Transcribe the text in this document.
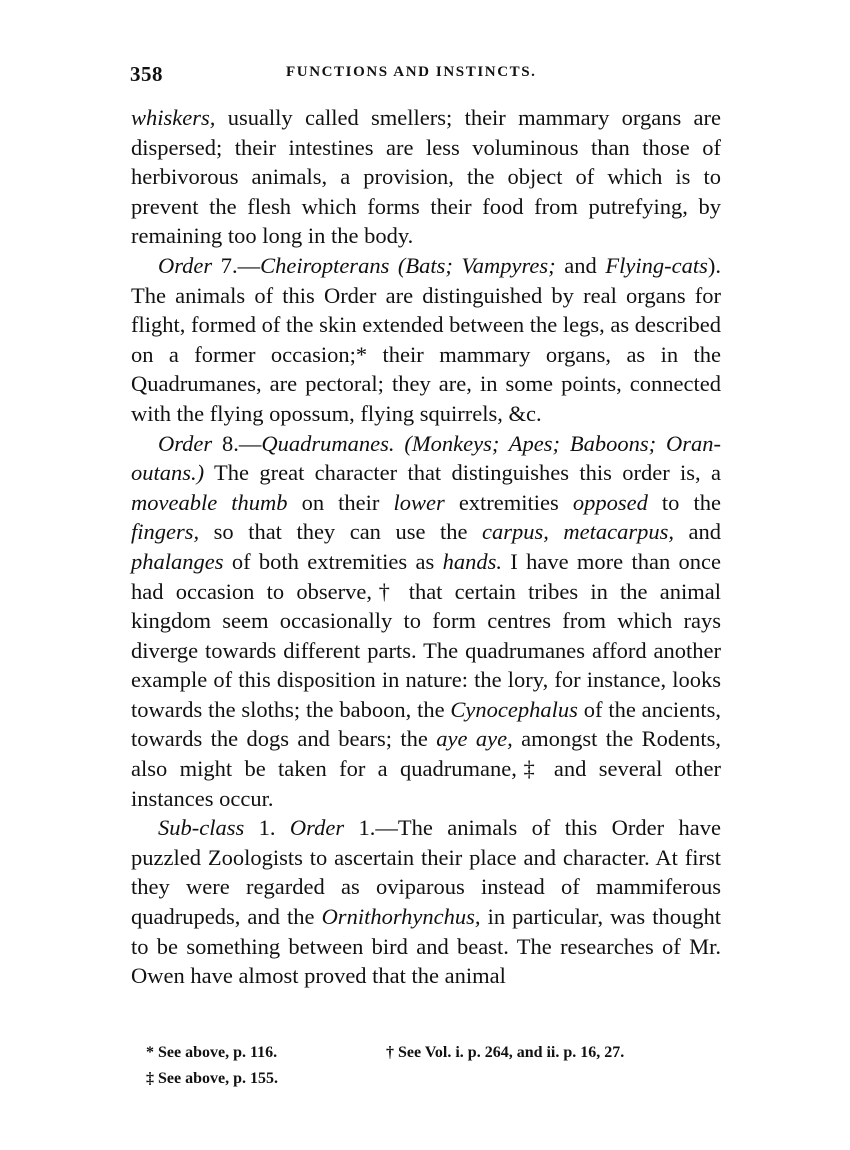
358	FUNCTIONS AND INSTINCTS.

whiskers, usually called smellers; their mammary organs are dispersed; their intestines are less voluminous than those of herbivorous animals, a provision, the object of which is to prevent the flesh which forms their food from putrefying, by remaining too long in the body.

Order 7.—Cheiropterans (Bats; Vampyres; and Flying-cats). The animals of this Order are distinguished by real organs for flight, formed of the skin extended between the legs, as described on a former occasion;* their mammary organs, as in the Quadrumanes, are pectoral; they are, in some points, connected with the flying opossum, flying squirrels, &c.

Order 8.—Quadrumanes. (Monkeys; Apes; Baboons; Oran-outans.) The great character that distinguishes this order is, a moveable thumb on their lower extremities opposed to the fingers, so that they can use the carpus, metacarpus, and phalanges of both extremities as hands. I have more than once had occasion to observe,† that certain tribes in the animal kingdom seem occasionally to form centres from which rays diverge towards different parts. The quadrumanes afford another example of this disposition in nature: the lory, for instance, looks towards the sloths; the baboon, the Cynocephalus of the ancients, towards the dogs and bears; the aye aye, amongst the Rodents, also might be taken for a quadrumane,‡ and several other instances occur.

Sub-class 1. Order 1.—The animals of this Order have puzzled Zoologists to ascertain their place and character. At first they were regarded as oviparous instead of mammiferous quadrupeds, and the Ornithorhynchus, in particular, was thought to be something between bird and beast. The researches of Mr. Owen have almost proved that the animal

* See above, p. 116.	† See Vol. i. p. 264, and ii. p. 16, 27.
‡ See above, p. 155.
